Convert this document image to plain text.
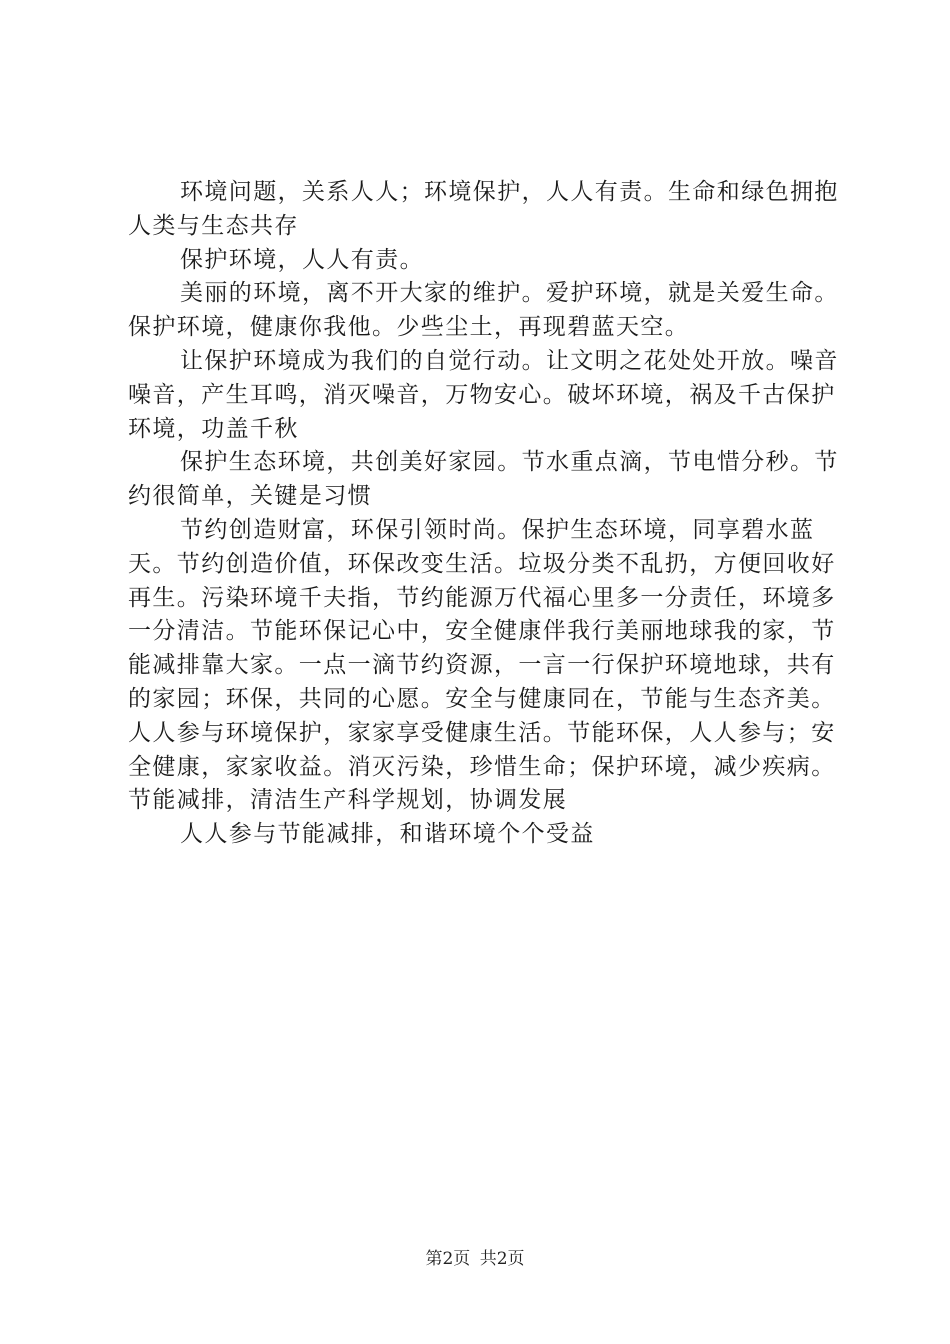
环境问题，关系人人；环境保护，人人有责。生命和绿色拥抱人类与生态共存

保护环境，人人有责。

美丽的环境，离不开大家的维护。爱护环境，就是关爱生命。保护环境，健康你我他。少些尘土，再现碧蓝天空。

让保护环境成为我们的自觉行动。让文明之花处处开放。噪音噪音，产生耳鸣，消灭噪音，万物安心。破坏环境，祸及千古保护环境，功盖千秋

保护生态环境，共创美好家园。节水重点滴，节电惜分秒。节约很简单，关键是习惯

节约创造财富，环保引领时尚。保护生态环境，同享碧水蓝天。节约创造价值，环保改变生活。垃圾分类不乱扔，方便回收好再生。污染环境千夫指，节约能源万代福心里多一分责任，环境多一分清洁。节能环保记心中，安全健康伴我行美丽地球我的家，节能减排靠大家。一点一滴节约资源，一言一行保护环境地球，共有的家园；环保，共同的心愿。安全与健康同在，节能与生态齐美。人人参与环境保护，家家享受健康生活。节能环保，人人参与；安全健康，家家收益。消灭污染，珍惜生命；保护环境，减少疾病。节能减排，清洁生产科学规划，协调发展

人人参与节能减排，和谐环境个个受益

第2页 共2页
